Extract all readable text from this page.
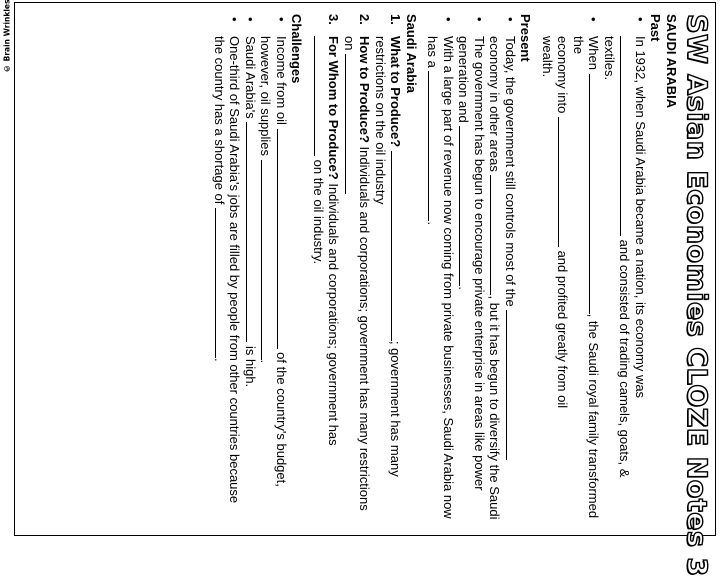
© Brain Wrinkles	SW Asian Economies CLOZE Notes 3
SAUDI ARABIA
Past
• In 1932, when Saudi Arabia became a nation, its economy was
and consisted of trading camels, goats, &
textiles.
• When , the Saudi royal family transformed the
economy into  and profited greatly from oil
wealth.
Present
• Today, the government still controls most of the
economy in other areas , but it has begun to diversify the Saudi
• The government has begun to encourage private enterprise in areas like power generation and .
• With a large part of revenue now coming from private businesses, Saudi Arabia now has a .
Saudi Arabia
1.
What to Produce? ; government has many restrictions on the oil industry
2.
How to Produce? Individuals and corporations; government has many restrictions on
3.
For Whom to Produce? Individuals and corporations; government has
on the oil industry.
Challenges
• Income from oil  of the country's budget,
however, oil supplies .
• Saudi Arabia's  is high.
• One-third of Saudi Arabia's jobs are filled by people from other countries because the country has a shortage of .
